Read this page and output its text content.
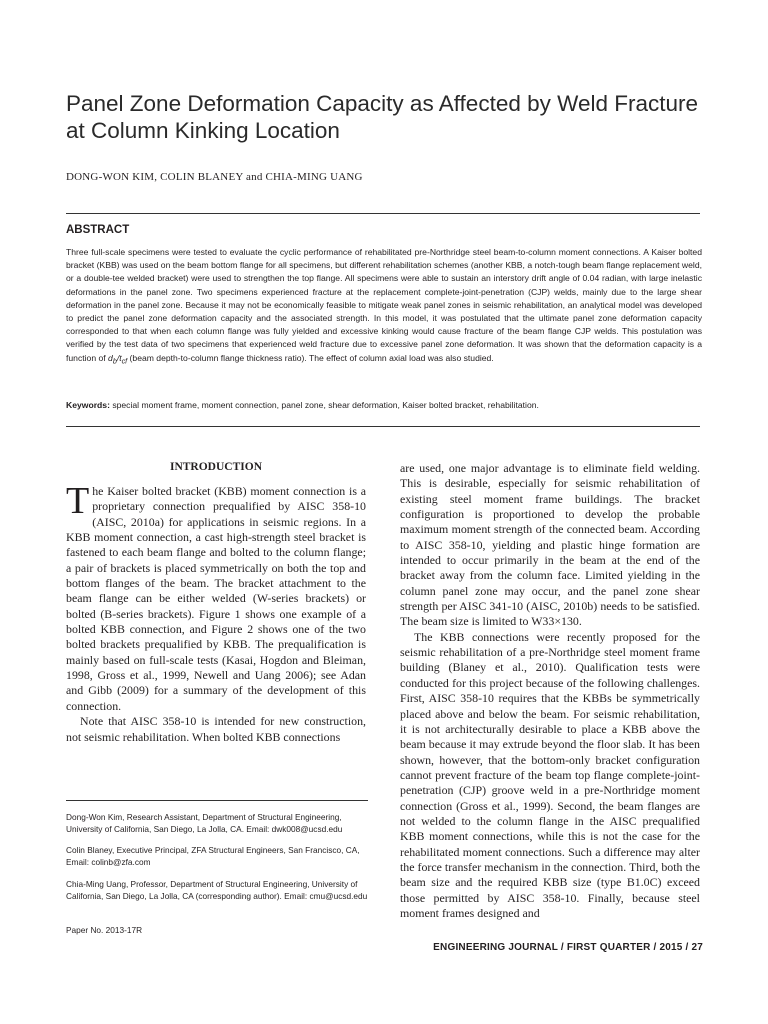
Panel Zone Deformation Capacity as Affected by Weld Fracture at Column Kinking Location
DONG-WON KIM, COLIN BLANEY and CHIA-MING UANG
ABSTRACT

Three full-scale specimens were tested to evaluate the cyclic performance of rehabilitated pre-Northridge steel beam-to-column moment connections. A Kaiser bolted bracket (KBB) was used on the beam bottom flange for all specimens, but different rehabilitation schemes (another KBB, a notch-tough beam flange replacement weld, or a double-tee welded bracket) were used to strengthen the top flange. All specimens were able to sustain an interstory drift angle of 0.04 radian, with large inelastic deformations in the panel zone. Two specimens experienced fracture at the replacement complete-joint-penetration (CJP) welds, mainly due to the large shear deformation in the panel zone. Because it may not be economically feasible to mitigate weak panel zones in seismic rehabilitation, an analytical model was developed to predict the panel zone deformation capacity and the associated strength. In this model, it was postulated that the ultimate panel zone deformation capacity corresponded to that when each column flange was fully yielded and excessive kinking would cause fracture of the beam flange CJP welds. This postulation was verified by the test data of two specimens that experienced weld fracture due to excessive panel zone deformation. It was shown that the deformation capacity is a function of $d_b/t_{cf}$ (beam depth-to-column flange thickness ratio). The effect of column axial load was also studied.

Keywords: special moment frame, moment connection, panel zone, shear deformation, Kaiser bolted bracket, rehabilitation.
INTRODUCTION

The Kaiser bolted bracket (KBB) moment connection is a proprietary connection prequalified by AISC 358-10 (AISC, 2010a) for applications in seismic regions. In a KBB moment connection, a cast high-strength steel bracket is fastened to each beam flange and bolted to the column flange; a pair of brackets is placed symmetrically on both the top and bottom flanges of the beam. The bracket attachment to the beam flange can be either welded (W-series brackets) or bolted (B-series brackets). Figure 1 shows one example of a bolted KBB connection, and Figure 2 shows one of the two bolted brackets prequalified by KBB. The prequalification is mainly based on full-scale tests (Kasai, Hogdon and Bleiman, 1998, Gross et al., 1999, Newell and Uang 2006); see Adan and Gibb (2009) for a summary of the development of this connection.

Note that AISC 358-10 is intended for new construction, not seismic rehabilitation. When bolted KBB connections

are used, one major advantage is to eliminate field welding. This is desirable, especially for seismic rehabilitation of existing steel moment frame buildings. The bracket configuration is proportioned to develop the probable maximum moment strength of the connected beam. According to AISC 358-10, yielding and plastic hinge formation are intended to occur primarily in the beam at the end of the bracket away from the column face. Limited yielding in the column panel zone may occur, and the panel zone shear strength per AISC 341-10 (AISC, 2010b) needs to be satisfied. The beam size is limited to W33×130.

The KBB connections were recently proposed for the seismic rehabilitation of a pre-Northridge steel moment frame building (Blaney et al., 2010). Qualification tests were conducted for this project because of the following challenges. First, AISC 358-10 requires that the KBBs be symmetrically placed above and below the beam. For seismic rehabilitation, it is not architecturally desirable to place a KBB above the beam because it may extrude beyond the floor slab. It has been shown, however, that the bottom-only bracket configuration cannot prevent fracture of the beam top flange complete-joint-penetration (CJP) groove weld in a pre-Northridge moment connection (Gross et al., 1999). Second, the beam flanges are not welded to the column flange in the AISC prequalified KBB moment connections, while this is not the case for the rehabilitated moment connections. Such a difference may alter the force transfer mechanism in the connection. Third, both the beam size and the required KBB size (type B1.0C) exceed those permitted by AISC 358-10. Finally, because steel moment frames designed and

Dong-Won Kim, Research Assistant, Department of Structural Engineering, University of California, San Diego, La Jolla, CA. Email: dwk008@ucsd.edu

Colin Blaney, Executive Principal, ZFA Structural Engineers, San Francisco, CA, Email: colinb@zfa.com

Chia-Ming Uang, Professor, Department of Structural Engineering, University of California, San Diego, La Jolla, CA (corresponding author). Email: cmu@ucsd.edu

Paper No. 2013-17R

ENGINEERING JOURNAL / FIRST QUARTER / 2015 / 27
